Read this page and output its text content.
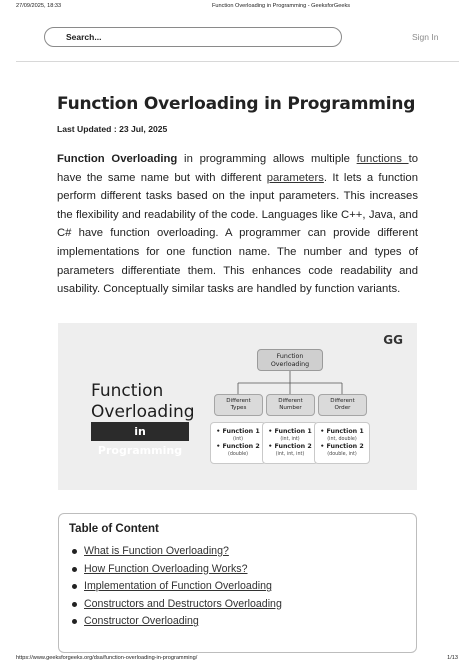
27/09/2025, 18:33	Function Overloading in Programming - GeeksforGeeks
Search...	Sign In
Function Overloading in Programming
Last Updated : 23 Jul, 2025

Function Overloading in programming allows multiple functions to have the same name but with different parameters. It lets a function perform different tasks based on the input parameters. This increases the flexibility and readability of the code. Languages like C++, Java, and C# have function overloading. A programmer can provide different implementations for one function name. The number and types of parameters differentiate them. This enhances code readability and usability. Conceptually similar tasks are handled by function variants.

GG
Function
Overloading
in Programming
Function
Overloading
Different
Types
Different
Number
Different
Order
• Function 1
(int)
• Function 2
(double)
• Function 1
(int, int)
• Function 2
(int, int, int)
• Function 1
(int, double)
• Function 2
(double, int)
Table of Content
What is Function Overloading?
How Function Overloading Works?
Implementation of Function Overloading
Constructors and Destructors Overloading
Constructor Overloading
https://www.geeksforgeeks.org/dsa/function-overloading-in-programming/	1/13
